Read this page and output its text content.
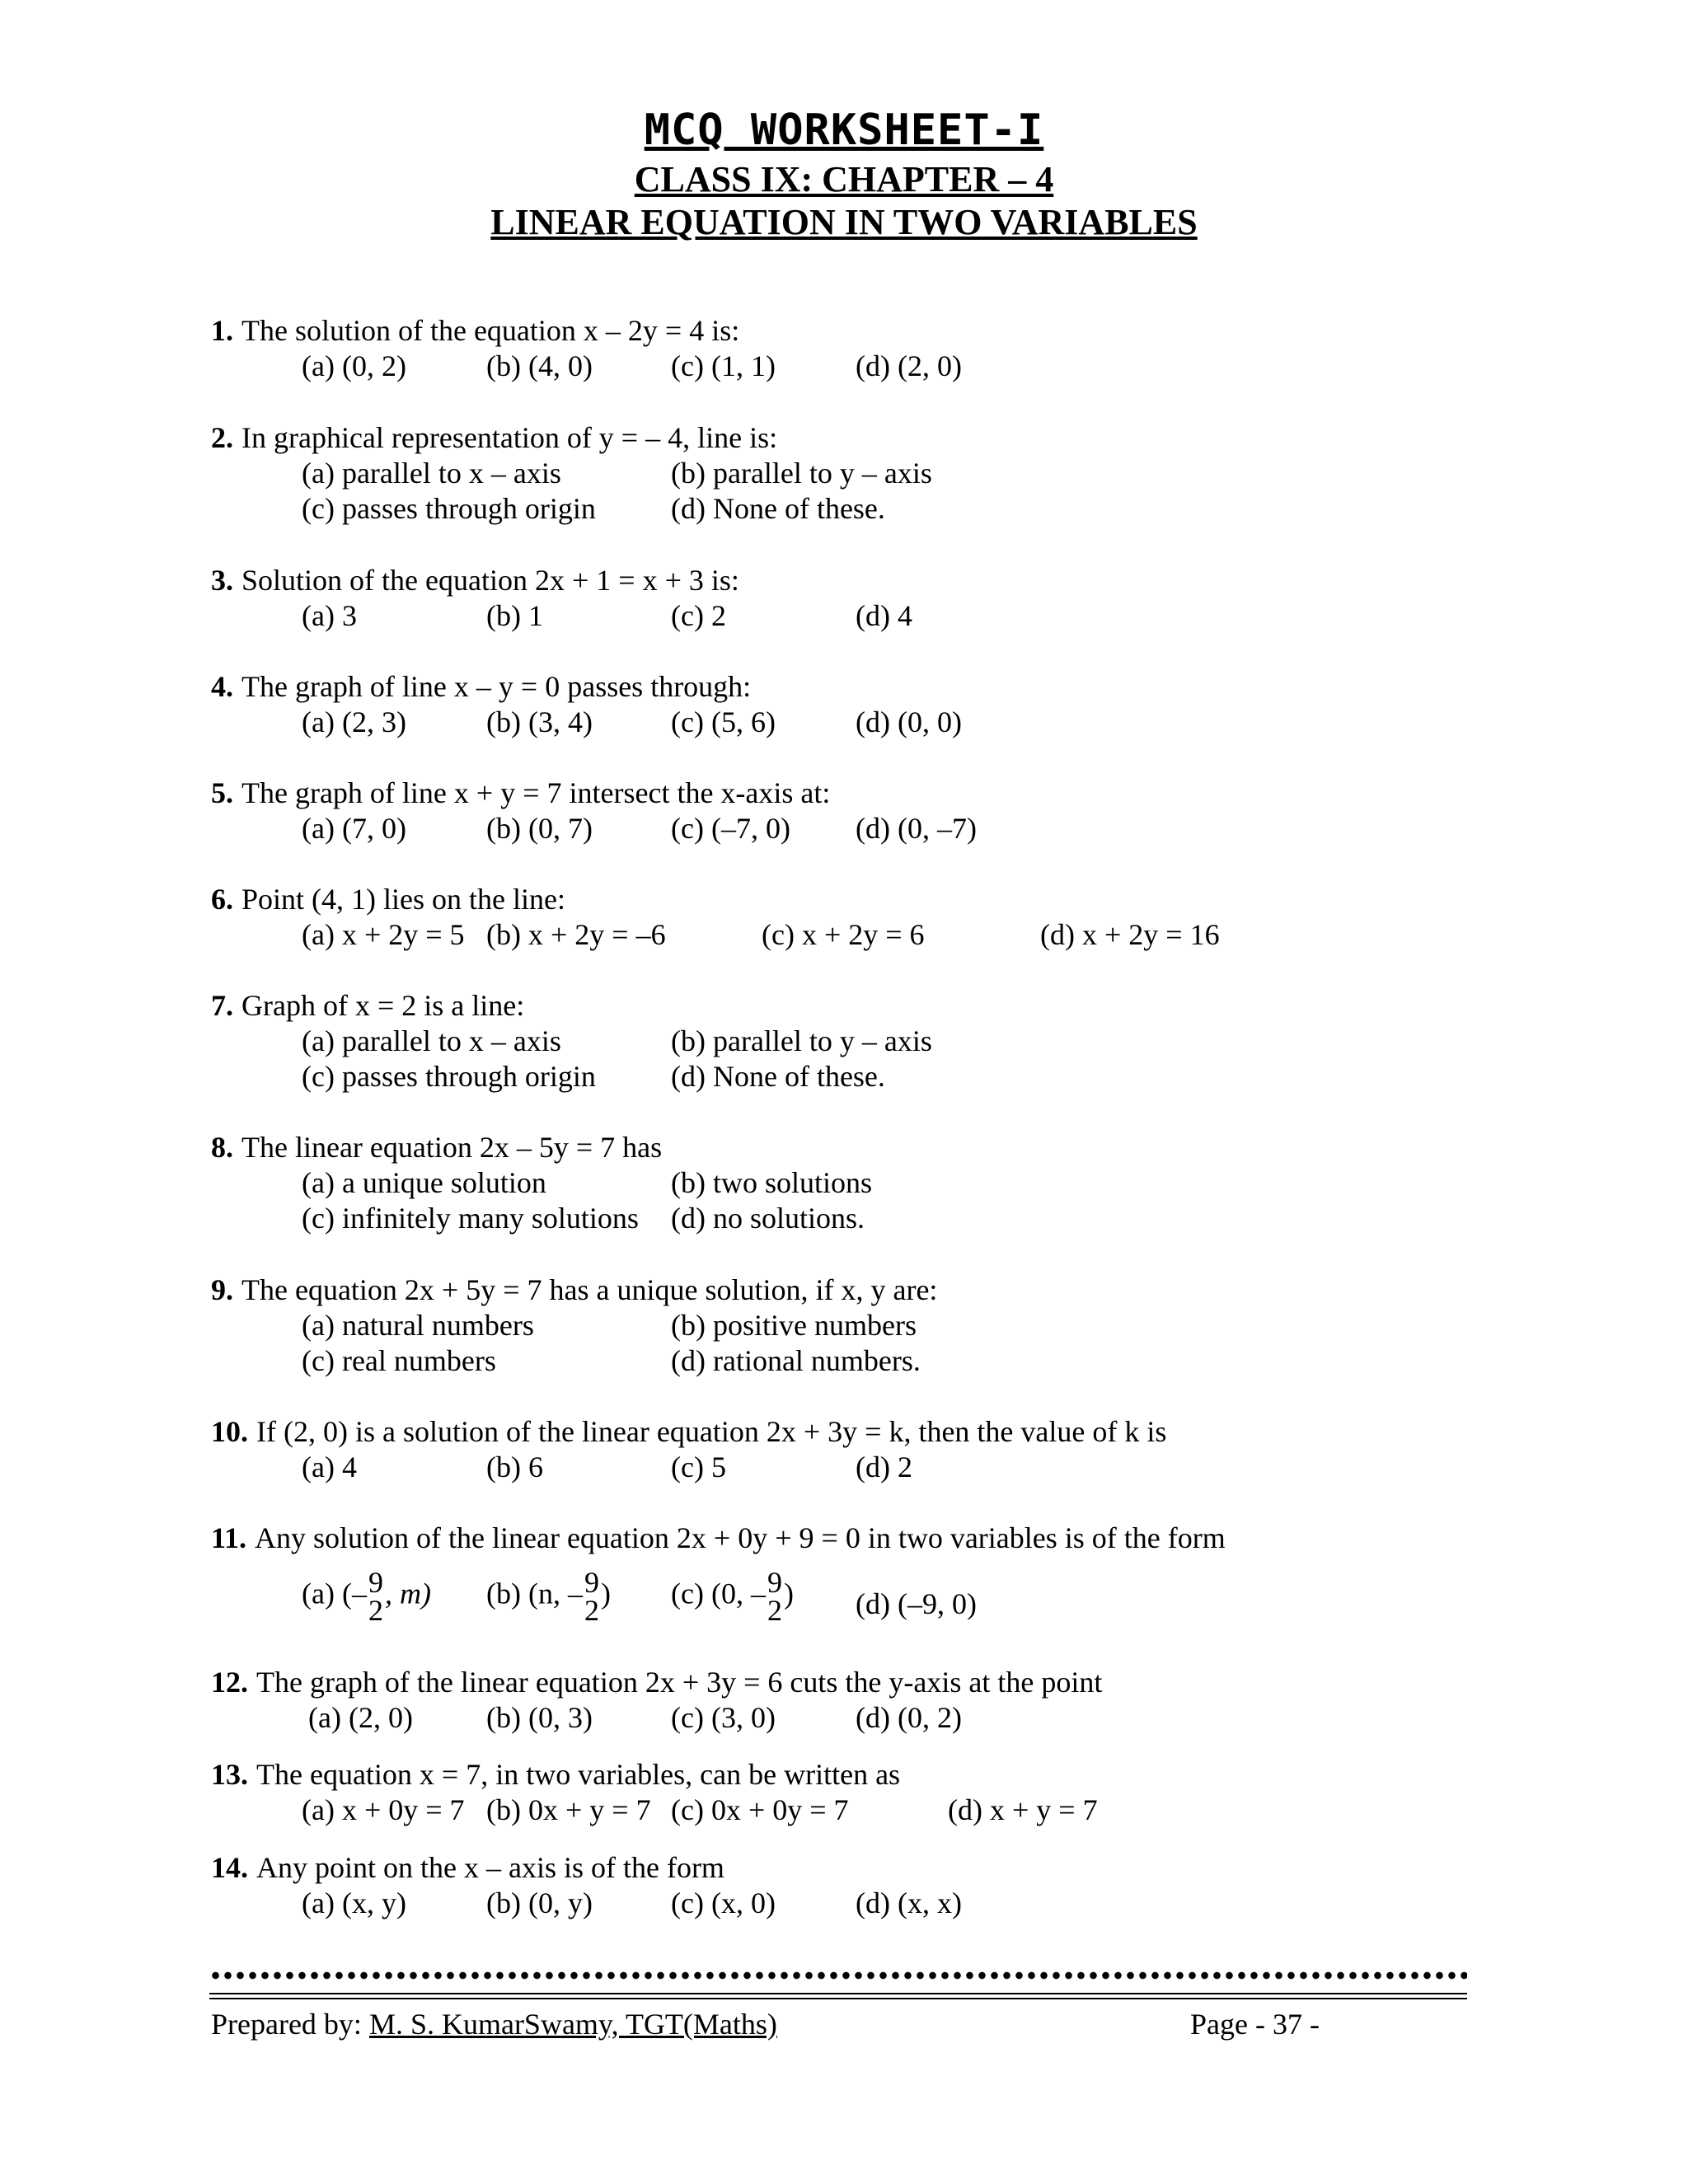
MCQ WORKSHEET-I
CLASS IX: CHAPTER – 4
LINEAR EQUATION IN TWO VARIABLES
1. The solution of the equation x – 2y = 4 is:
(a) (0, 2)	(b) (4, 0)	(c) (1, 1)	(d) (2, 0)
2. In graphical representation of y = – 4, line is:
(a) parallel to x – axis	(b) parallel to y – axis
(c) passes through origin	(d) None of these.
3. Solution of the equation 2x + 1 = x + 3 is:
(a) 3	(b) 1	(c) 2	(d) 4
4. The graph of line x – y = 0 passes through:
(a) (2, 3)	(b) (3, 4)	(c) (5, 6)	(d) (0, 0)
5. The graph of line x + y = 7 intersect the x-axis at:
(a) (7, 0)	(b) (0, 7)	(c) (–7, 0) (d) (0, –7)
6. Point (4, 1) lies on the line:
(a) x + 2y = 5 (b) x + 2y = –6	(c) x + 2y = 6	(d) x + 2y = 16
7. Graph of x = 2 is a line:
(a) parallel to x – axis	(b) parallel to y – axis
(c) passes through origin	(d) None of these.
8. The linear equation 2x – 5y = 7 has
(a) a unique solution	(b) two solutions
(c) infinitely many solutions (d) no solutions.
9. The equation 2x + 5y = 7 has a unique solution, if x, y are:
(a) natural numbers	(b) positive numbers
(c) real numbers	(d) rational numbers.
10. If (2, 0) is a solution of the linear equation 2x + 3y = k, then the value of k is
(a) 4	(b) 6	(c) 5	(d) 2
11. Any solution of the linear equation 2x + 0y + 9 = 0 in two variables is of the form
(a) (– 9
2
, m) (b) (n, – 9
2
) (c) (0, – 9
2
) (d) (–9, 0)
12. The graph of the linear equation 2x + 3y = 6 cuts the y-axis at the point
(a) (2, 0) (b) (0, 3)	(c) (3, 0)	(d) (0, 2)
13. The equation x = 7, in two variables, can be written as
(a) x + 0y = 7 (b) 0x + y = 7 (c) 0x + 0y = 7	(d) x + y = 7
14. Any point on the x – axis is of the form
(a) (x, y)	(b) (0, y)	(c) (x, 0)	(d) (x, x)
Prepared by: M. S. KumarSwamy, TGT(Maths)	Page - 37 -
